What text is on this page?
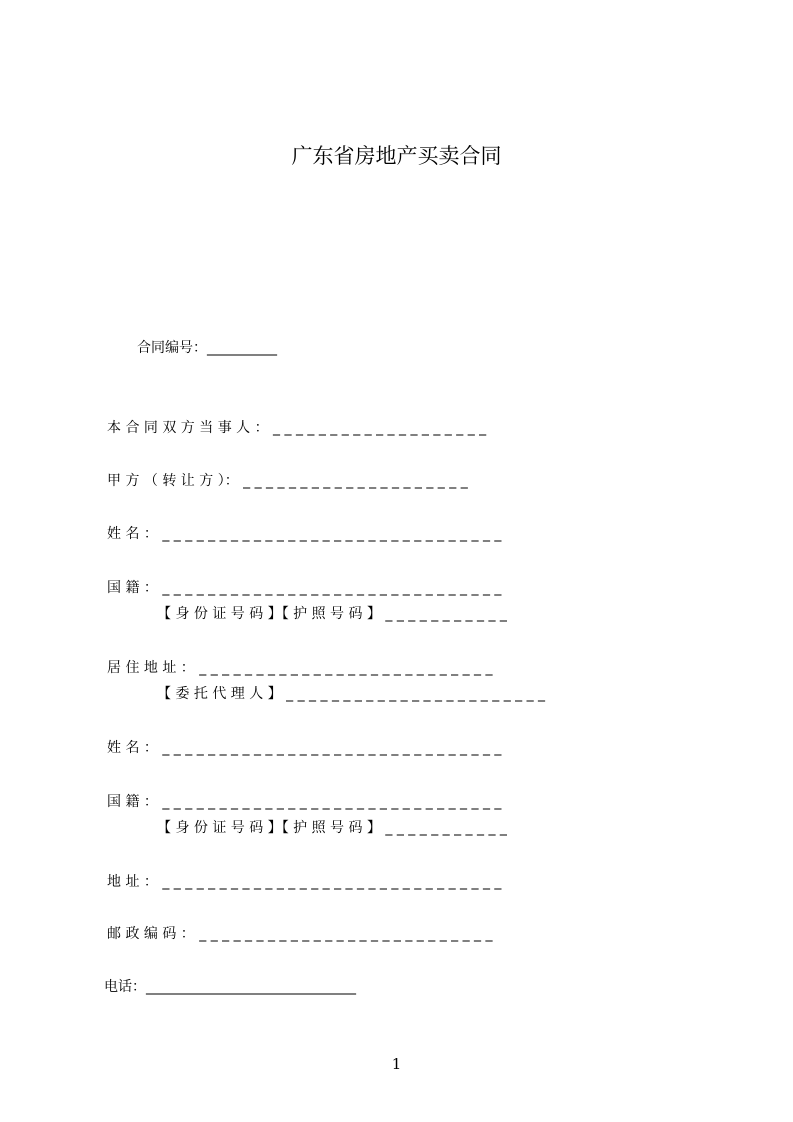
广东省房地产买卖合同
合同编号：__________
本 合 同 双 方 当 事 人 ： _ _ _ _ _ _ _ _ _ _ _ _ _ _ _ _ _ _ _
甲 方 （ 转 让 方 ）： _ _ _ _ _ _ _ _ _ _ _ _ _ _ _ _ _ _ _ _
姓 名 ： _ _ _ _ _ _ _ _ _ _ _ _ _ _ _ _ _ _ _ _ _ _ _ _ _ _ _ _ _ _
国 籍 ： _ _ _ _ _ _ _ _ _ _ _ _ _ _ _ _ _ _ _ _ _ _ _ _ _ _ _ _ _ _
【 身 份 证 号 码 】【 护 照 号 码 】 _ _ _ _ _ _ _ _ _ _ _
居 住 地 址 ： _ _ _ _ _ _ _ _ _ _ _ _ _ _ _ _ _ _ _ _ _ _ _ _ _ _
【 委 托 代 理 人 】 _ _ _ _ _ _ _ _ _ _ _ _ _ _ _ _ _ _ _ _ _ _ _
姓 名 ： _ _ _ _ _ _ _ _ _ _ _ _ _ _ _ _ _ _ _ _ _ _ _ _ _ _ _ _ _ _
国 籍 ： _ _ _ _ _ _ _ _ _ _ _ _ _ _ _ _ _ _ _ _ _ _ _ _ _ _ _ _ _ _
【 身 份 证 号 码 】【 护 照 号 码 】 _ _ _ _ _ _ _ _ _ _ _
地 址 ： _ _ _ _ _ _ _ _ _ _ _ _ _ _ _ _ _ _ _ _ _ _ _ _ _ _ _ _ _ _
邮 政 编 码 ： _ _ _ _ _ _ _ _ _ _ _ _ _ _ _ _ _ _ _ _ _ _ _ _ _ _
电话：______________________________
1
